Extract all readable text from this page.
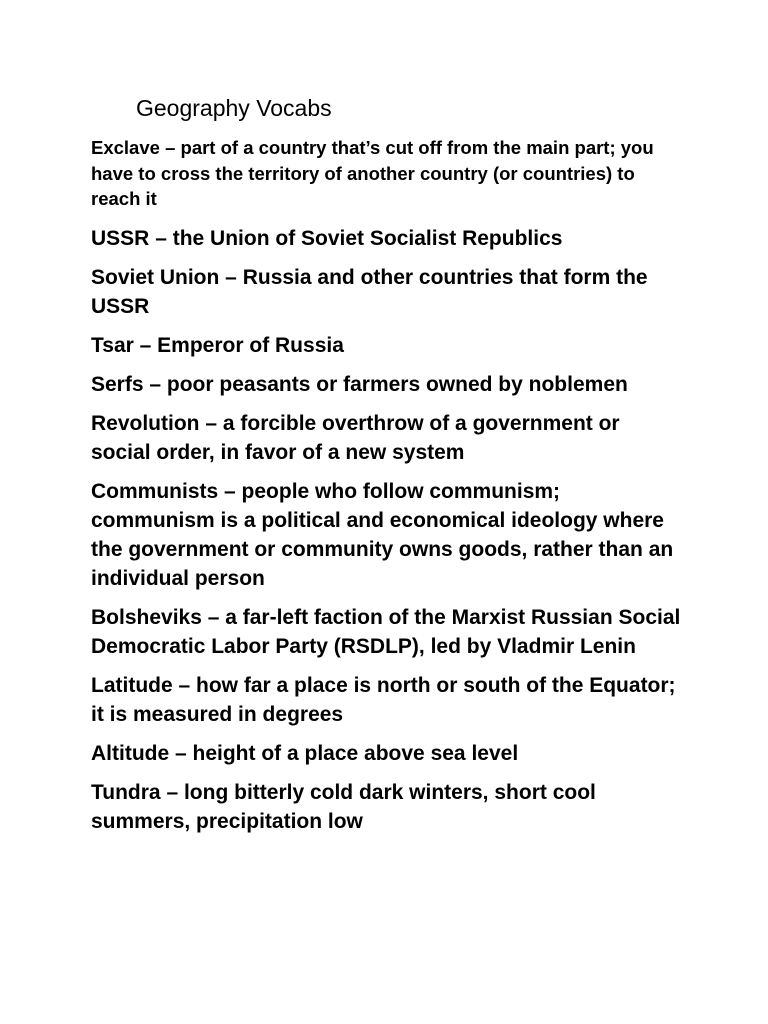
Geography Vocabs
Exclave – part of a country that’s cut off from the main part; you have to cross the territory of another country (or countries) to reach it
USSR – the Union of Soviet Socialist Republics
Soviet Union – Russia and other countries that form the USSR
Tsar – Emperor of Russia
Serfs – poor peasants or farmers owned by noblemen
Revolution – a forcible overthrow of a government or social order, in favor of a new system
Communists – people who follow communism; communism is a political and economical ideology where the government or community owns goods, rather than an individual person
Bolsheviks – a far-left faction of the Marxist Russian Social Democratic Labor Party (RSDLP), led by Vladmir Lenin
Latitude – how far a place is north or south of the Equator; it is measured in degrees
Altitude – height of a place above sea level
Tundra – long bitterly cold dark winters, short cool summers, precipitation low
